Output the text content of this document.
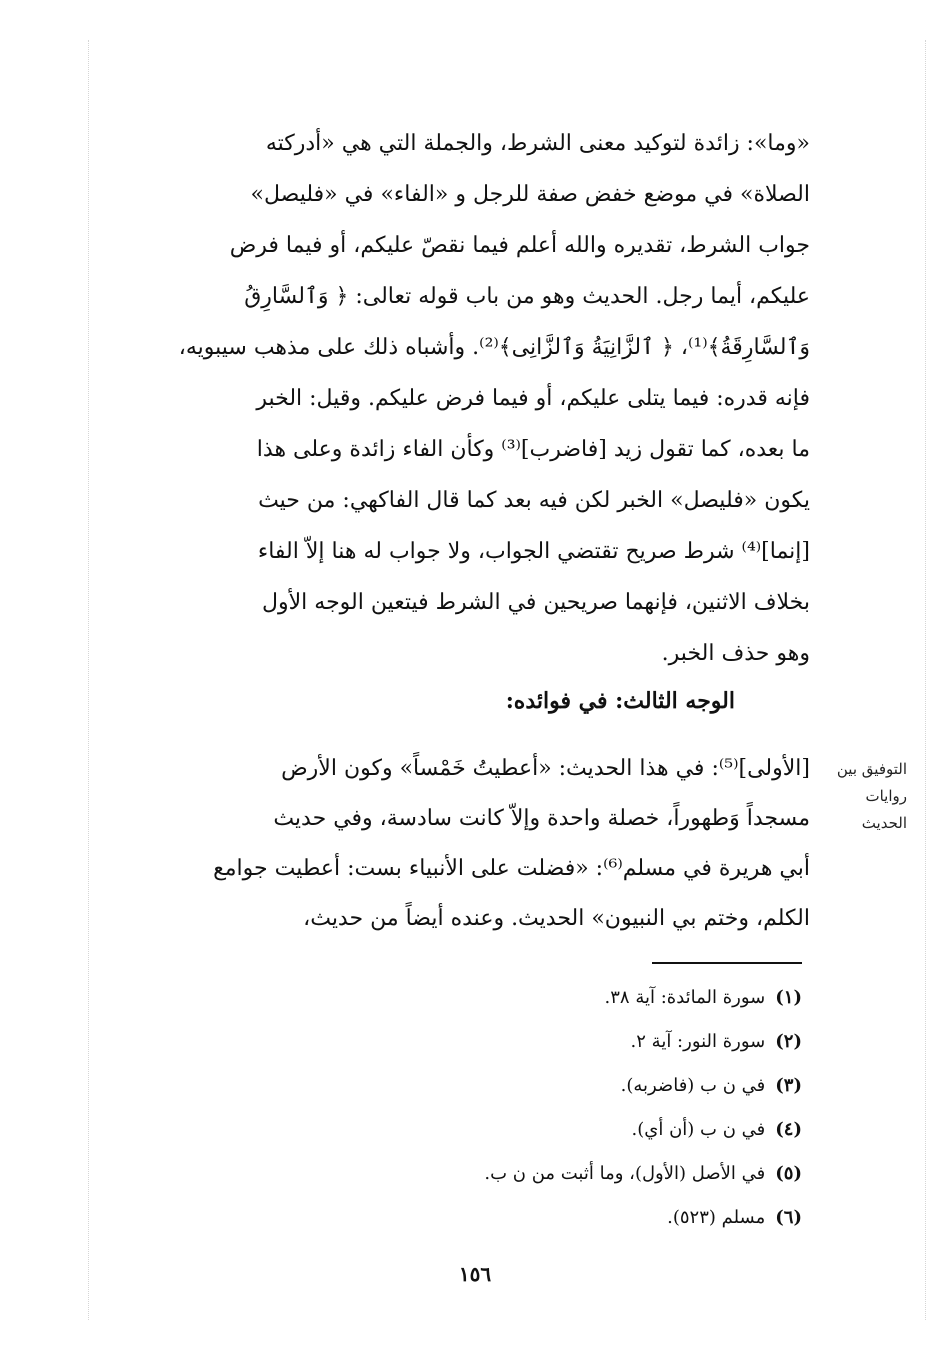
«وما»: زائدة لتوكيد معنى الشرط، والجملة التي هي «أدركته
الصلاة» في موضع خفض صفة للرجل و «الفاء» في «فليصل»
جواب الشرط، تقديره والله أعلم فيما نقصّ عليكم، أو فيما فرض
عليكم، أيما رجل. الحديث وهو من باب قوله تعالى: ﴿ وَٱلسَّارِقُ
وَٱلسَّارِقَةُ﴾⁽¹⁾، ﴿ ٱلزَّانِيَةُ وَٱلزَّانِى﴾⁽²⁾. وأشباه ذلك على مذهب سيبويه،
فإنه قدره: فيما يتلى عليكم، أو فيما فرض عليكم. وقيل: الخبر
ما بعده، كما تقول زيد [فاضرب]⁽³⁾ وكأن الفاء زائدة وعلى هذا
يكون «فليصل» الخبر لكن فيه بعد كما قال الفاكهي: من حيث
[إنما]⁽⁴⁾ شرط صريح تقتضي الجواب، ولا جواب له هنا إلاّ الفاء
بخلاف الاثنين، فإنهما صريحين في الشرط فيتعين الوجه الأول
وهو حذف الخبر.
الوجه الثالث: في فوائده:
[الأولى]⁽⁵⁾: في هذا الحديث: «أعطيتُ خَمْساً» وكون الأرض
مسجداً وَطهوراً، خصلة واحدة وإلاّ كانت سادسة، وفي حديث
أبي هريرة في مسلم⁽⁶⁾: «فضلت على الأنبياء بست: أعطيت جوامع
الكلم، وختم بي النبيون» الحديث. وعنده أيضاً من حديث،
التوفيق بين
روايات
الحديث
(١)سورة المائدة: آية ٣٨.
(٢)سورة النور: آية ٢.
(٣)في ن ب (فاضربه).
(٤)في ن ب (أن أي).
(٥)في الأصل (الأول)، وما أثبت من ن ب.
(٦)مسلم (٥٢٣).
١٥٦
